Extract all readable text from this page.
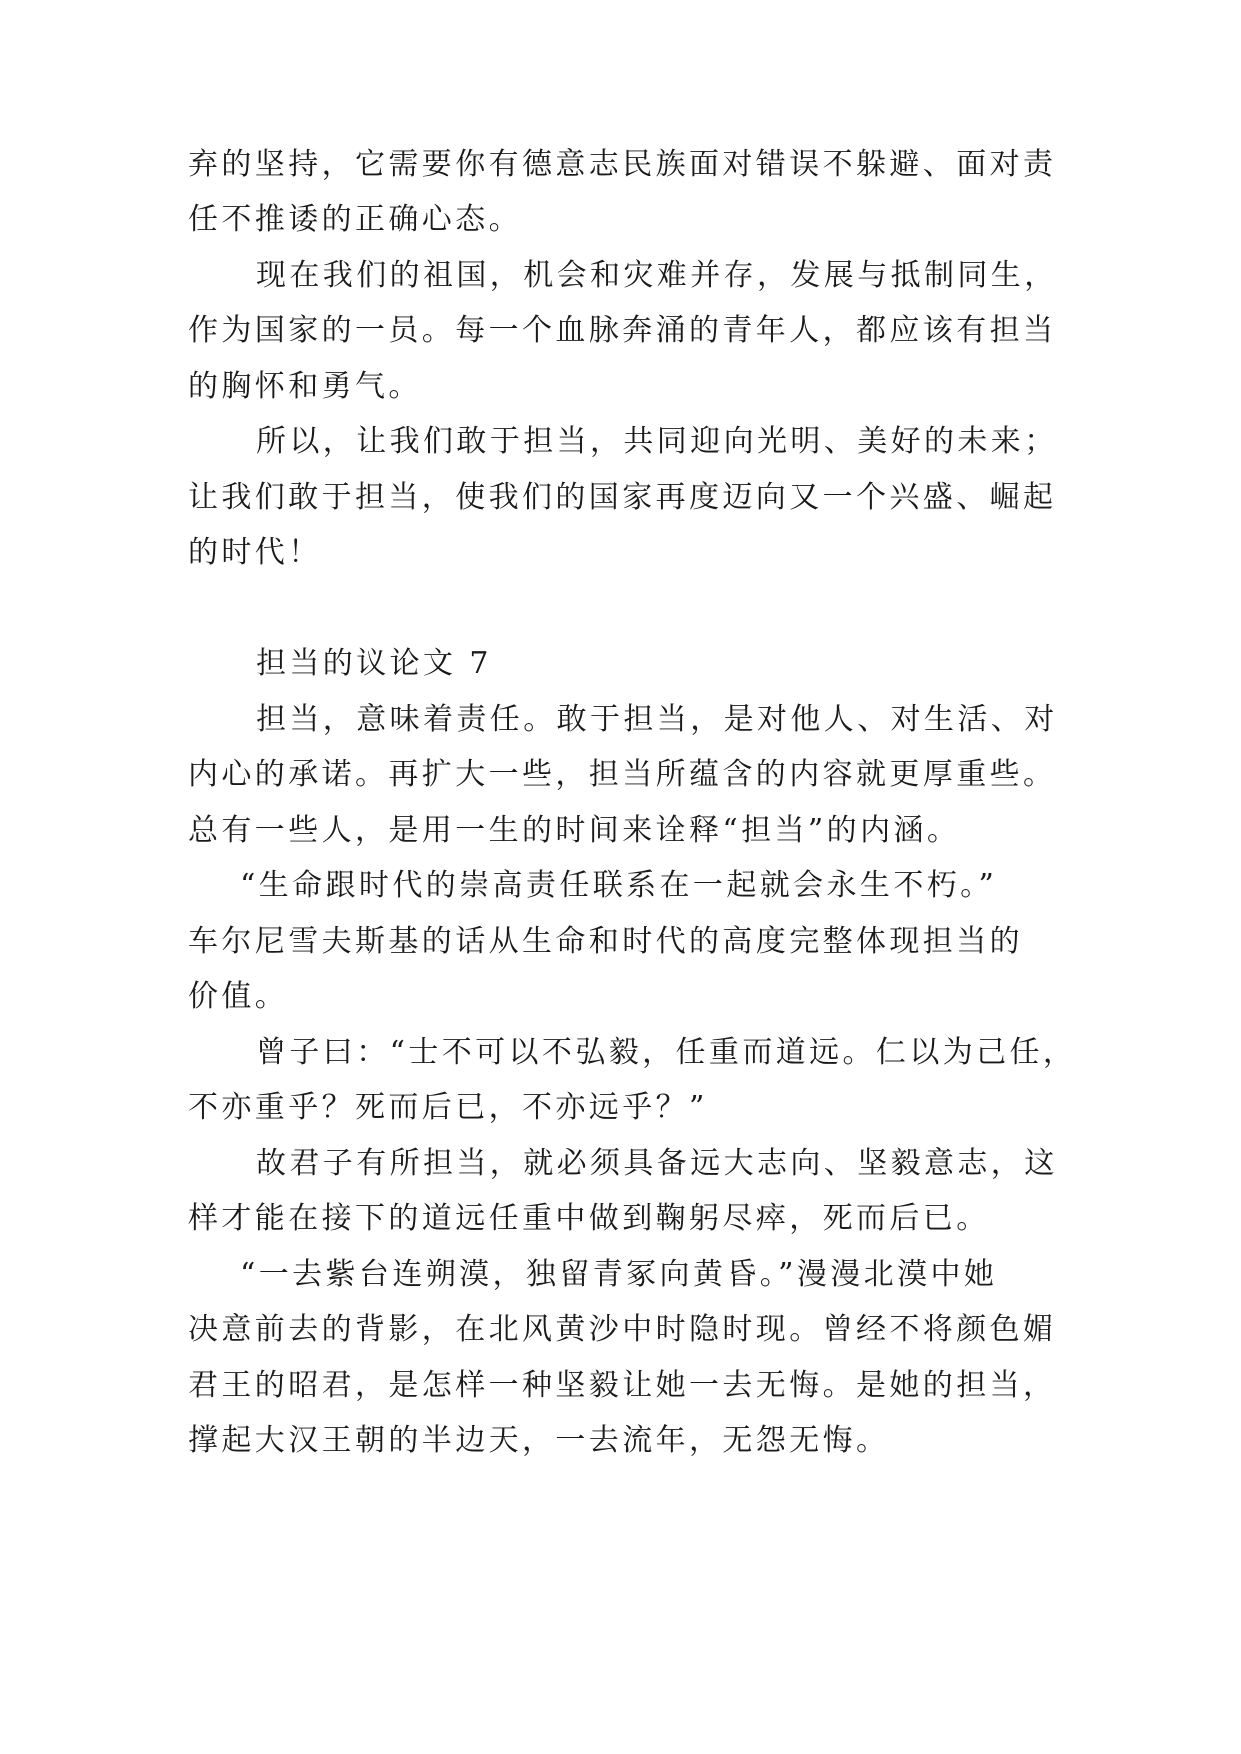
弃的坚持，它需要你有德意志民族面对错误不躲避、面对责
任不推诿的正确心态。
现在我们的祖国，机会和灾难并存，发展与抵制同生，
作为国家的一员。每一个血脉奔涌的青年人，都应该有担当
的胸怀和勇气。
所以，让我们敢于担当，共同迎向光明、美好的未来；
让我们敢于担当，使我们的国家再度迈向又一个兴盛、崛起
的时代！
担当的议论文 7
担当，意味着责任。敢于担当，是对他人、对生活、对
内心的承诺。再扩大一些，担当所蕴含的内容就更厚重些。
总有一些人，是用一生的时间来诠释“担当”的内涵。
“生命跟时代的崇高责任联系在一起就会永生不朽。”
车尔尼雪夫斯基的话从生命和时代的高度完整体现担当的
价值。
曾子曰：“士不可以不弘毅，任重而道远。仁以为己任，
不亦重乎？死而后已，不亦远乎？”
故君子有所担当，就必须具备远大志向、坚毅意志，这
样才能在接下的道远任重中做到鞠躬尽瘁，死而后已。
“一去紫台连朔漠，独留青冢向黄昏。”漫漫北漠中她
决意前去的背影，在北风黄沙中时隐时现。曾经不将颜色媚
君王的昭君，是怎样一种坚毅让她一去无悔。是她的担当，
撑起大汉王朝的半边天，一去流年，无怨无悔。
